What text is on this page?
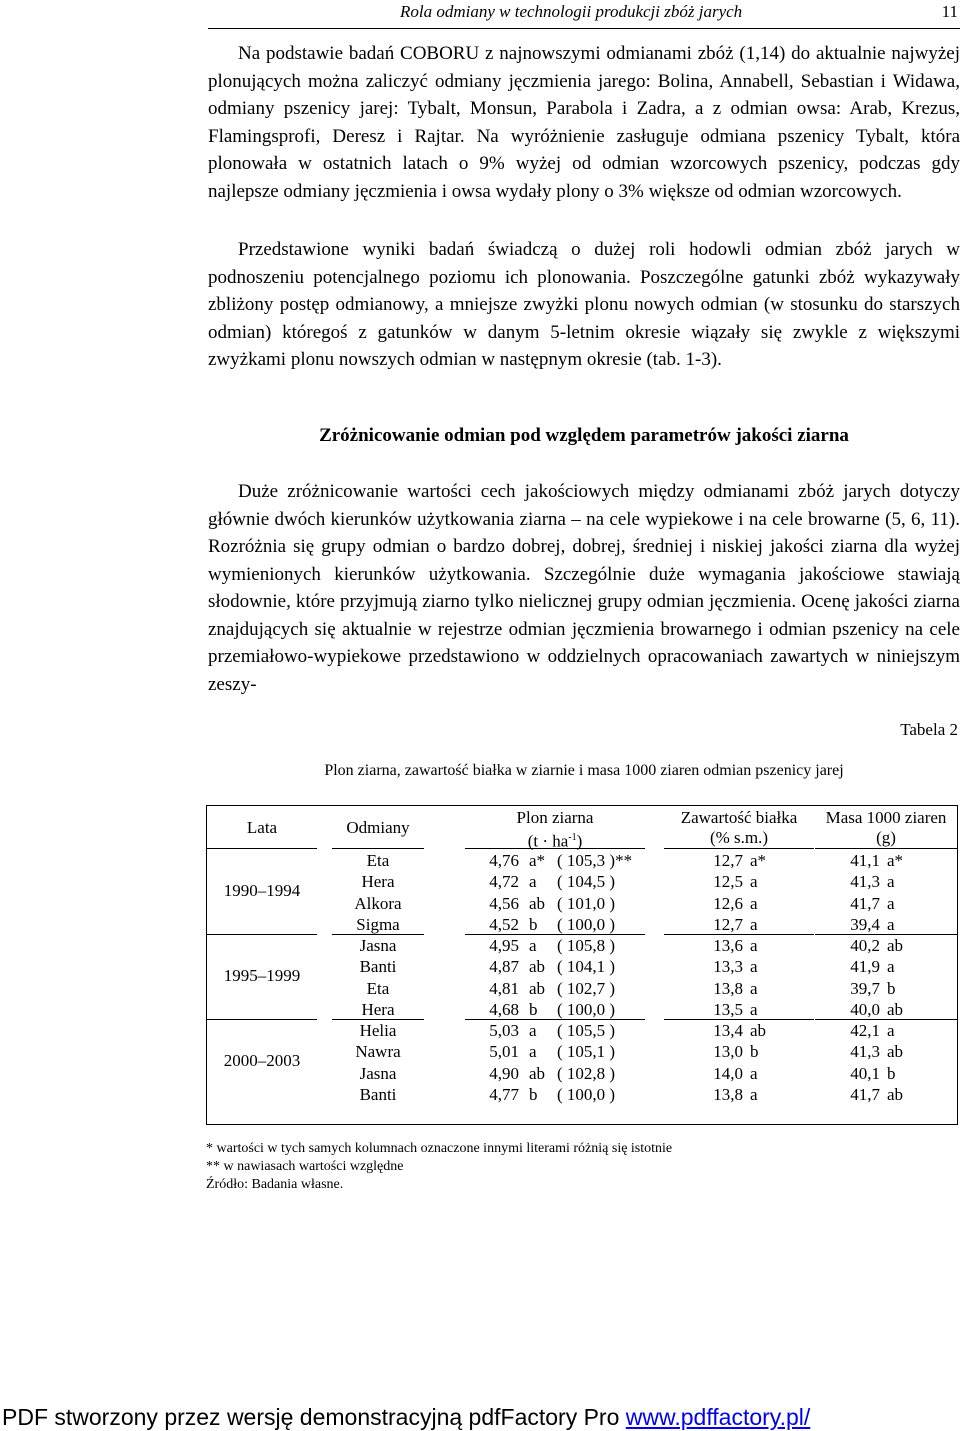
Rola odmiany w technologii produkcji zbóż jarych	11

Na podstawie badań COBORU z najnowszymi odmianami zbóż (1,14) do aktualnie najwyżej plonujących można zaliczyć odmiany jęczmienia jarego: Bolina, Annabell, Sebastian i Widawa, odmiany pszenicy jarej: Tybalt, Monsun, Parabola i Zadra, a z odmian owsa: Arab, Krezus, Flamingsprofi, Deresz i Rajtar. Na wyróżnienie zasługuje odmiana pszenicy Tybalt, która plonowała w ostatnich latach o 9% wyżej od odmian wzorcowych pszenicy, podczas gdy najlepsze odmiany jęczmienia i owsa wydały plony o 3% większe od odmian wzorcowych.

Przedstawione wyniki badań świadczą o dużej roli hodowli odmian zbóż jarych w podnoszeniu potencjalnego poziomu ich plonowania. Poszczególne gatunki zbóż wykazywały zbliżony postęp odmianowy, a mniejsze zwyżki plonu nowych odmian (w stosunku do starszych odmian) któregoś z gatunków w danym 5-letnim okresie wiązały się zwykle z większymi zwyżkami plonu nowszych odmian w następnym okresie (tab. 1-3).

Zróżnicowanie odmian pod względem parametrów jakości ziarna

Duże zróżnicowanie wartości cech jakościowych między odmianami zbóż jarych dotyczy głównie dwóch kierunków użytkowania ziarna – na cele wypiekowe i na cele browarne (5, 6, 11). Rozróżnia się grupy odmian o bardzo dobrej, dobrej, średniej i niskiej jakości ziarna dla wyżej wymienionych kierunków użytkowania. Szczególnie duże wymagania jakościowe stawiają słodownie, które przyjmują ziarno tylko nielicznej grupy odmian jęczmienia. Ocenę jakości ziarna znajdujących się aktualnie w rejestrze odmian jęczmienia browarnego i odmian pszenicy na cele przemiałowo-wypiekowe przedstawiono w oddzielnych opracowaniach zawartych w niniejszym zeszy-

Tabela 2
Plon ziarna, zawartość białka w ziarnie i masa 1000 ziaren odmian pszenicy jarej
Lata	Odmiany
Plon ziarna
$(t \cdot ha^{-1})$
Zawartość białka
(% s.m.)
Masa 1000 ziaren
(g)
1990–1994
Eta	4,76 a* ( 105,3 )**	12,7 a*	41,1 a*
Hera	4,72 a	( 104,5 )	12,5 a	41,3 a
Alkora	4,56 ab ( 101,0 )	12,6 a	41,7 a
Sigma	4,52 b	( 100,0 )	12,7 a	39,4 a
1995–1999
Jasna	4,95 a	( 105,8 )	13,6 a	40,2 ab
Banti	4,87 ab ( 104,1 )	13,3 a	41,9 a
Eta	4,81 ab ( 102,7 )	13,8 a	39,7 b
Hera	4,68 b	( 100,0 )	13,5 a	40,0 ab
2000–2003
Helia	5,03 a	( 105,5 )	13,4 ab	42,1 a
Nawra	5,01 a	( 105,1 )	13,0 b	41,3 ab
Jasna	4,90 ab ( 102,8 )	14,0 a	40,1 b
Banti	4,77 b	( 100,0 )	13,8 a	41,7 ab
* wartości w tych samych kolumnach oznaczone innymi literami różnią się istotnie
** w nawiasach wartości względne
Źródło: Badania własne.
PDF stworzony przez wersję demonstracyjną pdfFactory Pro www.pdffactory.pl/
